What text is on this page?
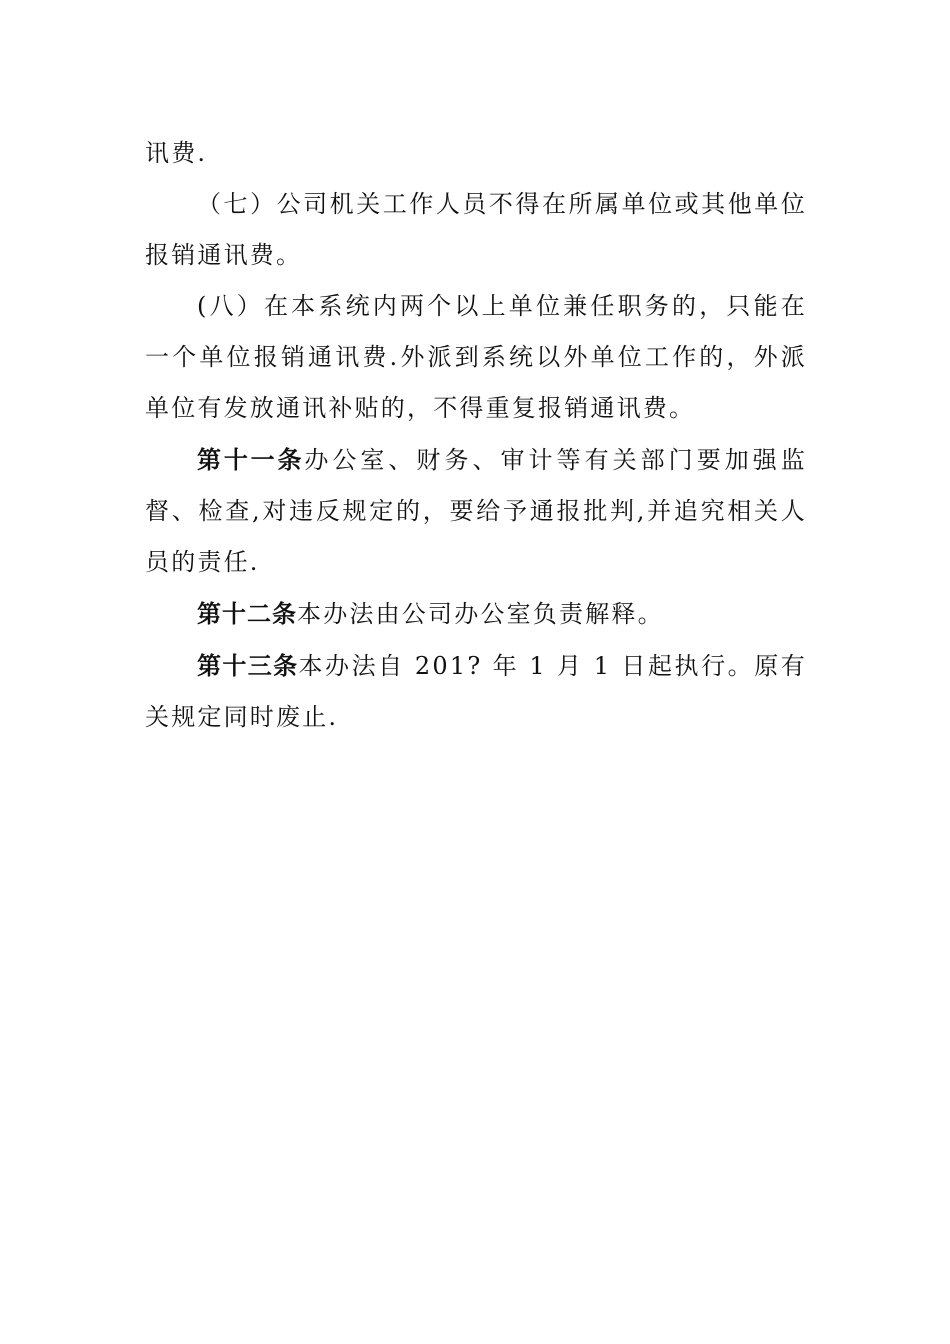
讯费.

（七）公司机关工作人员不得在所属单位或其他单位报销通讯费。

(八）在本系统内两个以上单位兼任职务的，只能在一个单位报销通讯费.外派到系统以外单位工作的，外派单位有发放通讯补贴的，不得重复报销通讯费。

第十一条办公室、财务、审计等有关部门要加强监督、检查,对违反规定的，要给予通报批判,并追究相关人员的责任.

第十二条本办法由公司办公室负责解释。

第十三条本办法自 201? 年 1 月 1 日起执行。原有关规定同时废止.
